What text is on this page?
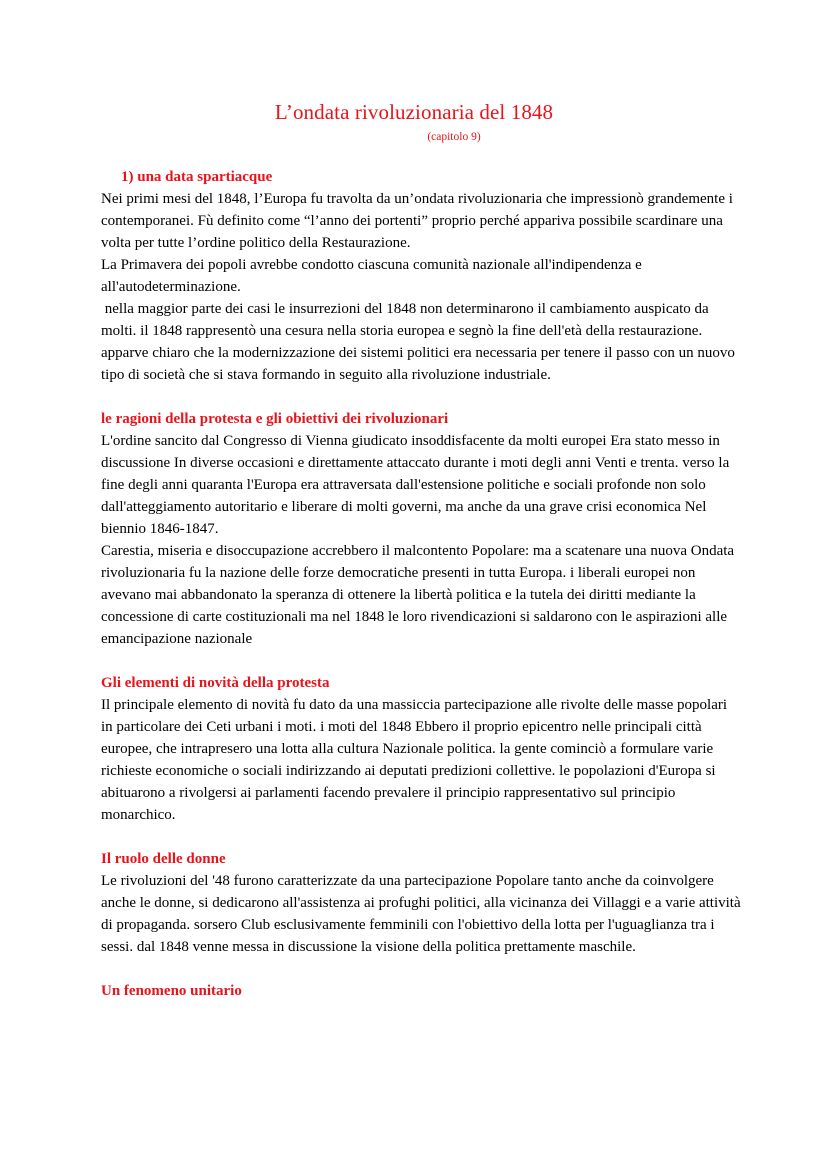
L’ondata rivoluzionaria del 1848
(capitolo 9)
1) una data spartiacque

Nei primi mesi del 1848, l’Europa fu travolta da un’ondata rivoluzionaria che impressionò grandemente i contemporanei. Fù definito come “l’anno dei portenti” proprio perché appariva possibile scardinare una volta per tutte l’ordine politico della Restaurazione.

La Primavera dei popoli avrebbe condotto ciascuna comunità nazionale all'indipendenza e all'autodeterminazione.

nella maggior parte dei casi le insurrezioni del 1848 non determinarono il cambiamento auspicato da molti. il 1848 rappresentò una cesura nella storia europea e segnò la fine dell'età della restaurazione. apparve chiaro che la modernizzazione dei sistemi politici era necessaria per tenere il passo con un nuovo tipo di società che si stava formando in seguito alla rivoluzione industriale.

le ragioni della protesta e gli obiettivi dei rivoluzionari

L'ordine sancito dal Congresso di Vienna giudicato insoddisfacente da molti europei Era stato messo in discussione In diverse occasioni e direttamente attaccato durante i moti degli anni Venti e trenta. verso la fine degli anni quaranta l'Europa era attraversata dall'estensione politiche e sociali profonde non solo dall'atteggiamento autoritario e liberare di molti governi, ma anche da una grave crisi economica Nel biennio 1846-1847.

Carestia, miseria e disoccupazione accrebbero il malcontento Popolare: ma a scatenare una nuova Ondata rivoluzionaria fu la nazione delle forze democratiche presenti in tutta Europa. i liberali europei non avevano mai abbandonato la speranza di ottenere la libertà politica e la tutela dei diritti mediante la concessione di carte costituzionali ma nel 1848 le loro rivendicazioni si saldarono con le aspirazioni alle emancipazione nazionale

Gli elementi di novità della protesta

Il principale elemento di novità fu dato da una massiccia partecipazione alle rivolte delle masse popolari in particolare dei Ceti urbani i moti. i moti del 1848 Ebbero il proprio epicentro nelle principali città europee, che intrapresero una lotta alla cultura Nazionale politica. la gente cominciò a formulare varie richieste economiche o sociali indirizzando ai deputati predizioni collettive. le popolazioni d'Europa si abituarono a rivolgersi ai parlamenti facendo prevalere il principio rappresentativo sul principio monarchico.

Il ruolo delle donne

Le rivoluzioni del '48 furono caratterizzate da una partecipazione Popolare tanto anche da coinvolgere anche le donne, si dedicarono all'assistenza ai profughi politici, alla vicinanza dei Villaggi e a varie attività di propaganda. sorsero Club esclusivamente femminili con l'obiettivo della lotta per l'uguaglianza tra i sessi. dal 1848 venne messa in discussione la visione della politica prettamente maschile.

Un fenomeno unitario
